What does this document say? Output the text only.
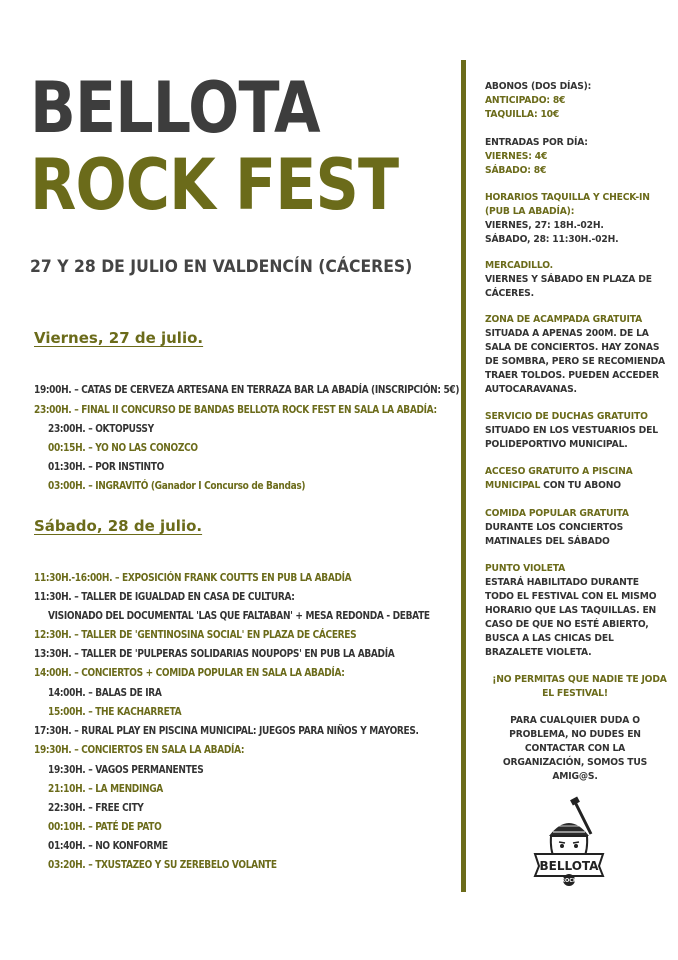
BELLOTA
ROCK FEST
27 Y 28 DE JULIO EN VALDENCÍN (CÁCERES)
Viernes, 27 de julio.
19:00H. – CATAS DE CERVEZA ARTESANA EN TERRAZA BAR LA ABADÍA (INSCRIPCIÓN: 5€)
23:00H. – FINAL II CONCURSO DE BANDAS BELLOTA ROCK FEST EN SALA LA ABADÍA:
23:00H. – OKTOPUSSY
00:15H. – YO NO LAS CONOZCO
01:30H. – POR INSTINTO
03:00H. – INGRAVITÓ (Ganador I Concurso de Bandas)
Sábado, 28 de julio.
11:30H.-16:00H. – EXPOSICIÓN FRANK COUTTS EN PUB LA ABADÍA
11:30H. – TALLER DE IGUALDAD EN CASA DE CULTURA:
VISIONADO DEL DOCUMENTAL 'LAS QUE FALTABAN' + MESA REDONDA - DEBATE
12:30H. – TALLER DE 'GENTINOSINA SOCIAL' EN PLAZA DE CÁCERES
13:30H. – TALLER DE 'PULPERAS SOLIDARIAS NOUPOPS' EN PUB LA ABADÍA
14:00H. – CONCIERTOS + COMIDA POPULAR EN SALA LA ABADÍA:
14:00H. – BALAS DE IRA
15:00H. – THE KACHARRETA
17:30H. – RURAL PLAY EN PISCINA MUNICIPAL: JUEGOS PARA NIÑOS Y MAYORES.
19:30H. – CONCIERTOS EN SALA LA ABADÍA:
19:30H. – VAGOS PERMANENTES
21:10H. – LA MENDINGA
22:30H. – FREE CITY
00:10H. – PATÉ DE PATO
01:40H. – NO KONFORME
03:20H. – TXUSTAZEO Y SU ZEREBELO VOLANTE
ABONOS (DOS DÍAS):
ANTICIPADO: 8€
TAQUILLA: 10€
ENTRADAS POR DÍA:
VIERNES: 4€
SÁBADO: 8€
HORARIOS TAQUILLA Y CHECK-IN
(PUB LA ABADÍA):
VIERNES, 27: 18H.-02H.
SÁBADO, 28: 11:30H.-02H.
MERCADILLO.
VIERNES Y SÁBADO EN PLAZA DE
CÁCERES.
ZONA DE ACAMPADA GRATUITA
SITUADA A APENAS 200M. DE LA
SALA DE CONCIERTOS. HAY ZONAS
DE SOMBRA, PERO SE RECOMIENDA
TRAER TOLDOS. PUEDEN ACCEDER
AUTOCARAVANAS.
SERVICIO DE DUCHAS GRATUITO
SITUADO EN LOS VESTUARIOS DEL
POLIDEPORTIVO MUNICIPAL.
ACCESO GRATUITO A PISCINA
MUNICIPAL CON TU ABONO
COMIDA POPULAR GRATUITA
DURANTE LOS CONCIERTOS
MATINALES DEL SÁBADO
PUNTO VIOLETA
ESTARÁ HABILITADO DURANTE
TODO EL FESTIVAL CON EL MISMO
HORARIO QUE LAS TAQUILLAS. EN
CASO DE QUE NO ESTÉ ABIERTO,
BUSCA A LAS CHICAS DEL
BRAZALETE VIOLETA.
¡NO PERMITAS QUE NADIE TE JODA
EL FESTIVAL!
PARA CUALQUIER DUDA O
PROBLEMA, NO DUDES EN
CONTACTAR CON LA
ORGANIZACIÓN, SOMOS TUS
AMIG@S.
BELLOTA
ROCK
